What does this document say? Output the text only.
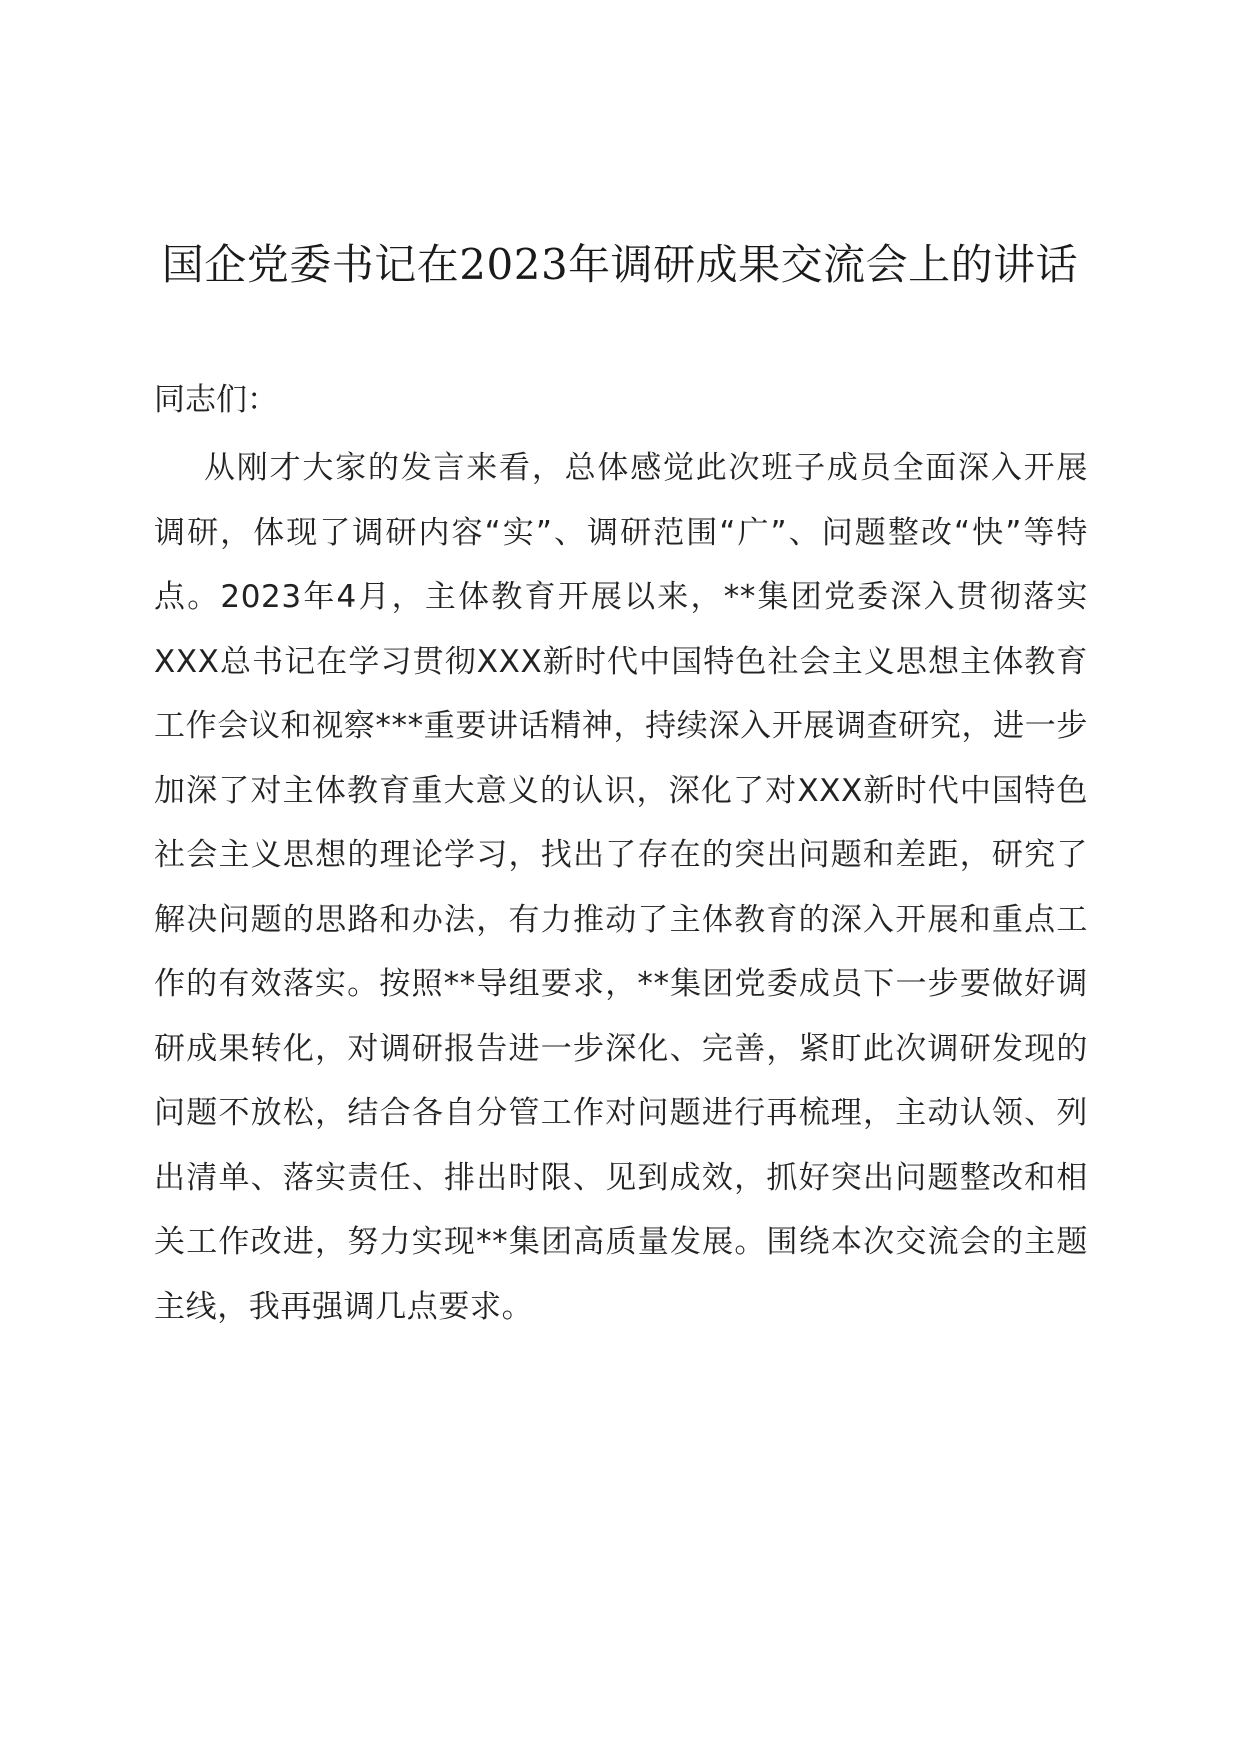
国企党委书记在2023年调研成果交流会上的讲话

同志们：

从刚才大家的发言来看，总体感觉此次班子成员全面深入开展调研，体现了调研内容“实”、调研范围“广”、问题整改“快”等特点。2023年4月，主体教育开展以来，**集团党委深入贯彻落实XXX总书记在学习贯彻XXX新时代中国特色社会主义思想主体教育工作会议和视察***重要讲话精神，持续深入开展调查研究，进一步加深了对主体教育重大意义的认识，深化了对XXX新时代中国特色社会主义思想的理论学习，找出了存在的突出问题和差距，研究了解决问题的思路和办法，有力推动了主体教育的深入开展和重点工作的有效落实。按照**导组要求，**集团党委成员下一步要做好调研成果转化，对调研报告进一步深化、完善，紧盯此次调研发现的问题不放松，结合各自分管工作对问题进行再梳理，主动认领、列出清单、落实责任、排出时限、见到成效，抓好突出问题整改和相关工作改进，努力实现**集团高质量发展。围绕本次交流会的主题主线，我再强调几点要求。
